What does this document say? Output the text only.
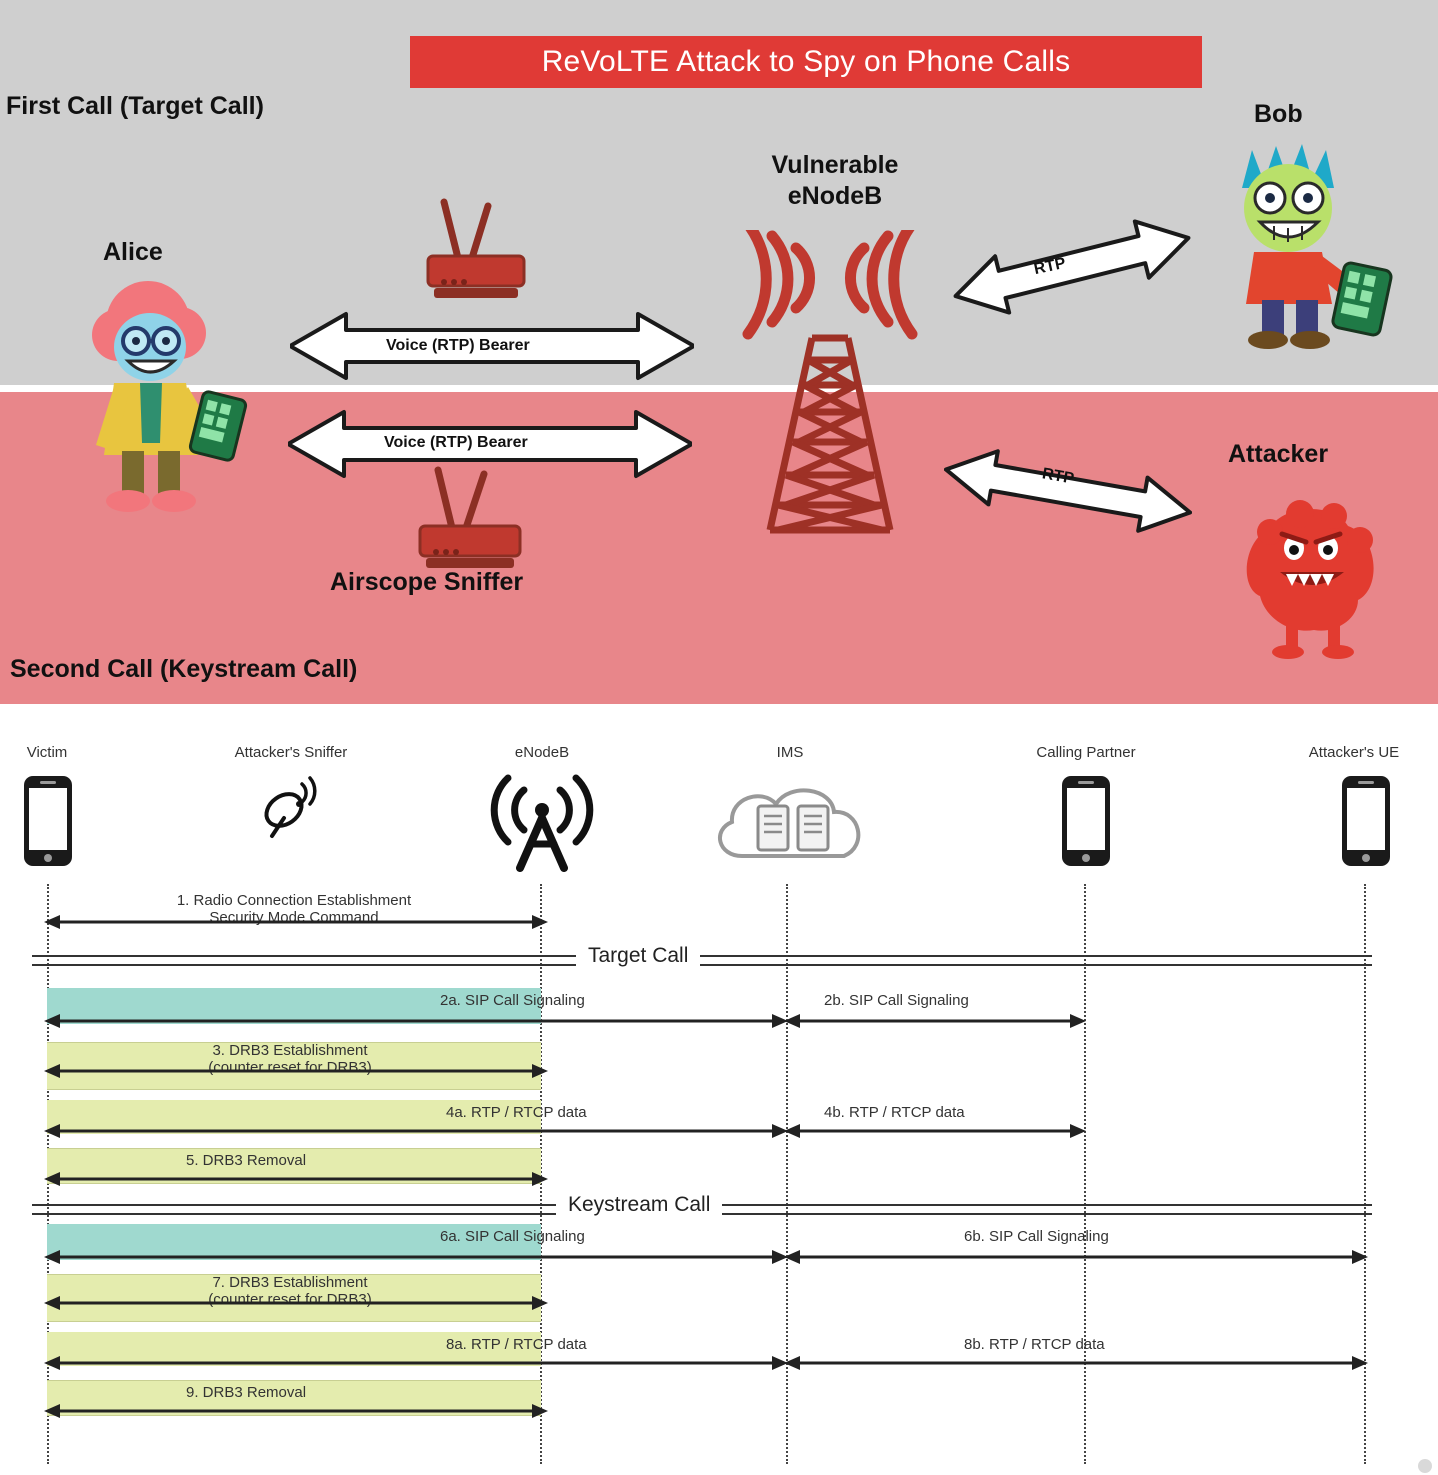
ReVoLTE Attack to Spy on Phone Calls
First Call (Target Call)
Second Call (Keystream Call)
Alice
Bob
Attacker
Vulnerable
eNodeB
Airscope Sniffer
Voice (RTP) Bearer
Voice (RTP) Bearer
RTP
RTP
Victim	Attacker's Sniffer	eNodeB	IMS	Calling Partner	Attacker's UE
1. Radio Connection Establishment
Security Mode Command
Target Call
2a. SIP Call Signaling	2b. SIP Call Signaling
3. DRB3 Establishment
(counter reset for DRB3)
4a. RTP / RTCP data	4b. RTP / RTCP data
5. DRB3 Removal
Keystream Call
6a. SIP Call Signaling	6b. SIP Call Signaling
7. DRB3 Establishment
(counter reset for DRB3)
8a. RTP / RTCP data	8b. RTP / RTCP data
9. DRB3 Removal
